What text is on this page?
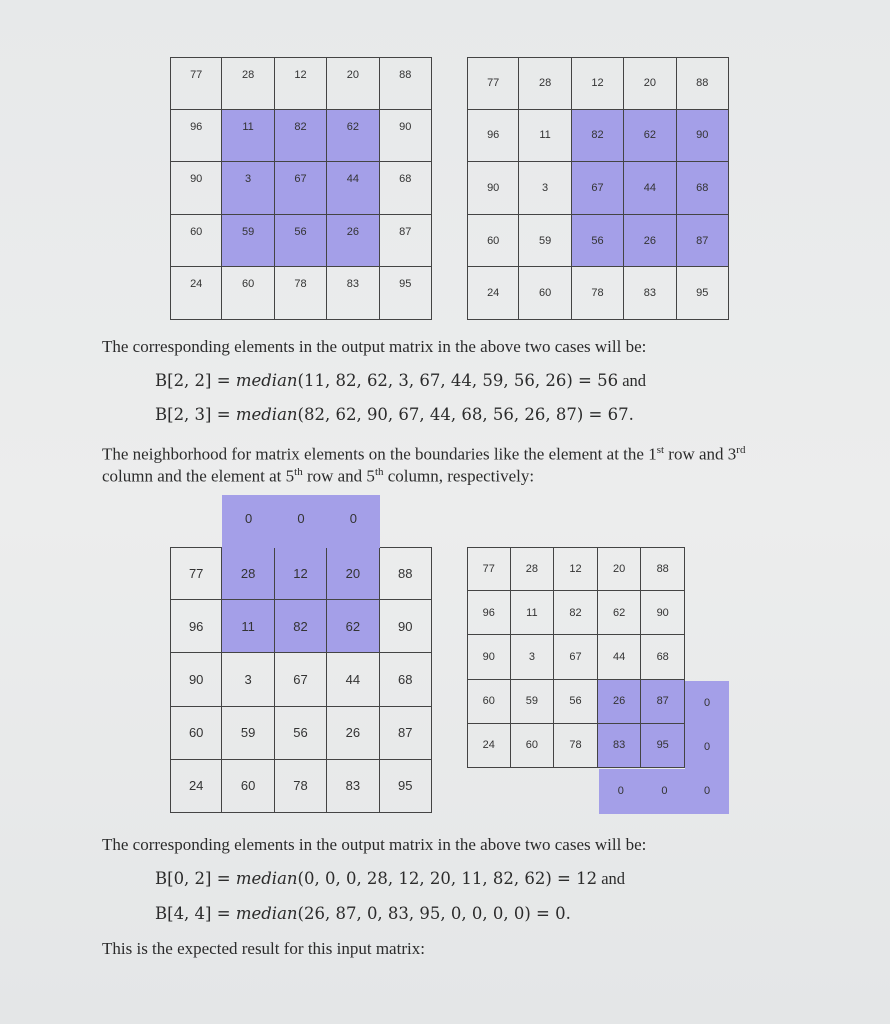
77	28	12	20	88
96	11	82	62	90
90	3	67	44	68
60	59	56	26	87
24	60	78	83	95
77	28	12	20	88
96	11	82	62	90
90	3	67	44	68
60	59	56	26	87
24	60	78	83	95
77	28	12	20	88
96	11	82	62	90
90	3	67	44	68
60	59	56	26	87
24	60	78	83	95
77	28	12	20	88
96	11	82	62	90
90	3	67	44	68
60	59	56	26	87
24	60	78	83	95
The corresponding elements in the output matrix in the above two cases will be:
B[2, 2] = median(11, 82, 62, 3, 67, 44, 59, 56, 26) = 56 and
B[2, 3] = median(82, 62, 90, 67, 44, 68, 56, 26, 87) = 67.
The neighborhood for matrix elements on the boundaries like the element at the 1st row and 3rd
column and the element at 5th row and 5th column, respectively:
The corresponding elements in the output matrix in the above two cases will be:
B[0, 2] = median(0, 0, 0, 28, 12, 20, 11, 82, 62) = 12 and
B[4, 4] = median(26, 87, 0, 83, 95, 0, 0, 0, 0) = 0.
This is the expected result for this input matrix:
0	0	0
0	0
0
0
0
